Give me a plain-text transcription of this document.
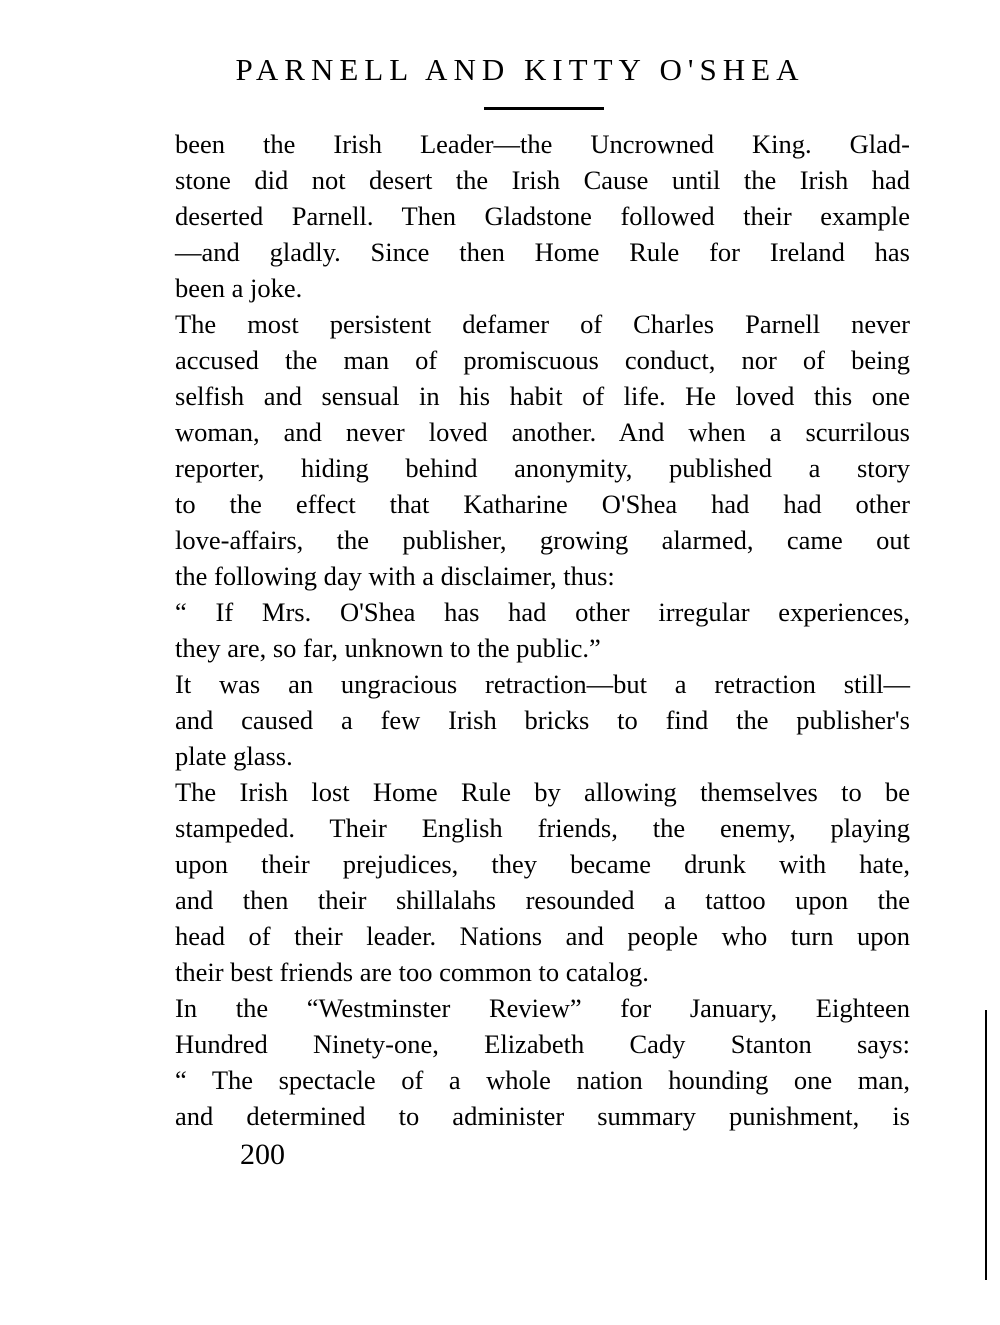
PARNELL AND KITTY O'SHEA
been the Irish Leader—the Uncrowned King. Glad-
stone did not desert the Irish Cause until the Irish had
deserted Parnell. Then Gladstone followed their example
—and gladly. Since then Home Rule for Ireland has
been a joke.
The most persistent defamer of Charles Parnell never
accused the man of promiscuous conduct, nor of being
selfish and sensual in his habit of life. He loved this one
woman, and never loved another. And when a scurrilous
reporter, hiding behind anonymity, published a story
to the effect that Katharine O'Shea had had other
love-affairs, the publisher, growing alarmed, came out
the following day with a disclaimer, thus:
“ If Mrs. O'Shea has had other irregular experiences,
they are, so far, unknown to the public.”
It was an ungracious retraction—but a retraction still—
and caused a few Irish bricks to find the publisher's
plate glass.
The Irish lost Home Rule by allowing themselves to be
stampeded. Their English friends, the enemy, playing
upon their prejudices, they became drunk with hate,
and then their shillalahs resounded a tattoo upon the
head of their leader. Nations and people who turn upon
their best friends are too common to catalog.
In the “Westminster Review” for January, Eighteen
Hundred Ninety-one, Elizabeth Cady Stanton says:
“ The spectacle of a whole nation hounding one man,
and determined to administer summary punishment, is

200
